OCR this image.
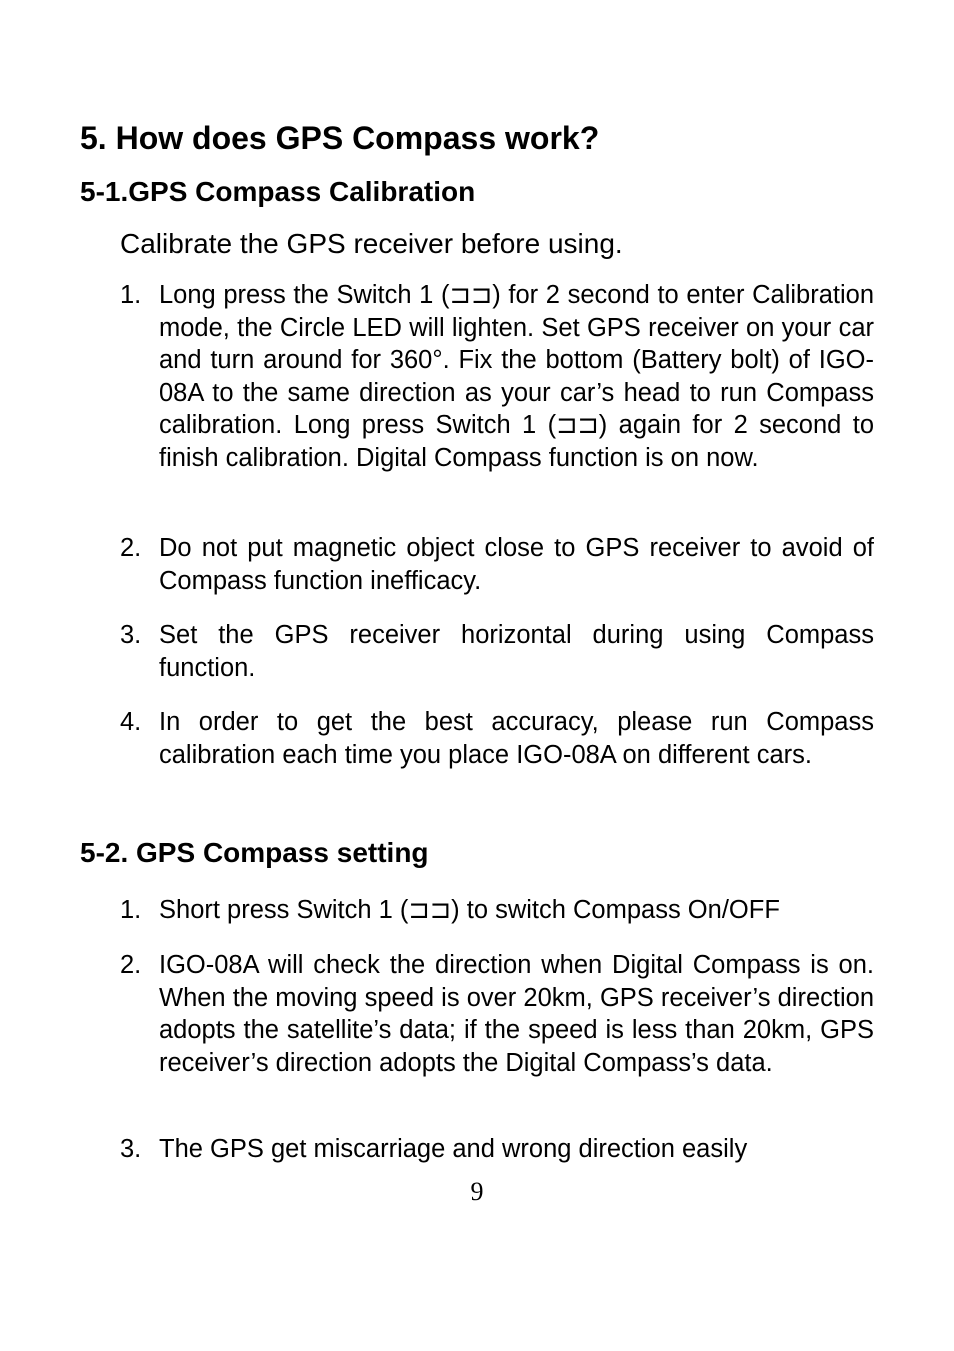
5. How does GPS Compass work?
5-1.GPS Compass Calibration
Calibrate the GPS receiver before using.
1. Long press the Switch 1 (⊐⊐) for 2 second to enter Calibration mode, the Circle LED will lighten. Set GPS receiver on your car and turn around for 360°. Fix the bottom (Battery bolt) of IGO-08A to the same direction as your car’s head to run Compass calibration. Long press Switch 1 (⊐⊐) again for 2 second to finish calibration. Digital Compass function is on now.
2. Do not put magnetic object close to GPS receiver to avoid of Compass function inefficacy.
3. Set the GPS receiver horizontal during using Compass function.
4. In order to get the best accuracy, please run Compass calibration each time you place IGO-08A on different cars.
5-2. GPS Compass setting
1. Short press Switch 1 (⊐⊐) to switch Compass On/OFF
2. IGO-08A will check the direction when Digital Compass is on. When the moving speed is over 20km, GPS receiver’s direction adopts the satellite’s data; if the speed is less than 20km, GPS receiver’s direction adopts the Digital Compass’s data.
3. The GPS get miscarriage and wrong direction easily
9
